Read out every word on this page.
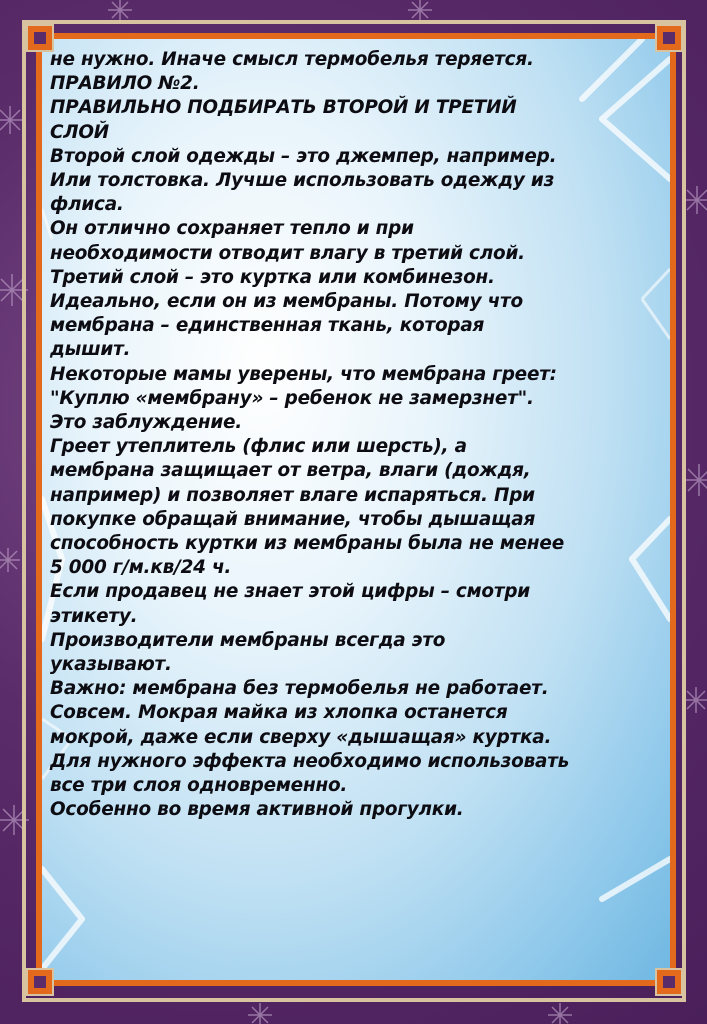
не нужно. Иначе смысл термобелья теряется.
ПРАВИЛО №2.
ПРАВИЛЬНО ПОДБИРАТЬ ВТОРОЙ И ТРЕТИЙ
СЛОЙ
Второй слой одежды – это джемпер, например.
Или толстовка. Лучше использовать одежду из
флиса.
Он отлично сохраняет тепло и при
необходимости отводит влагу в третий слой.
Третий слой – это куртка или комбинезон.
Идеально, если он из мембраны. Потому что
мембрана – единственная ткань, которая
дышит.
Некоторые мамы уверены, что мембрана греет:
"Куплю «мембрану» – ребенок не замерзнет".
Это заблуждение.
Греет утеплитель (флис или шерсть), а
мембрана защищает от ветра, влаги (дождя,
например) и позволяет влаге испаряться. При
покупке обращай внимание, чтобы дышащая
способность куртки из мембраны была не менее
5 000 г/м.кв/24 ч.
Если продавец не знает этой цифры – смотри
этикету.
Производители мембраны всегда это
указывают.
Важно: мембрана без термобелья не работает.
Совсем. Мокрая майка из хлопка останется
мокрой, даже если сверху «дышащая» куртка.
Для нужного эффекта необходимо использовать
все три слоя одновременно.
Особенно во время активной прогулки.
